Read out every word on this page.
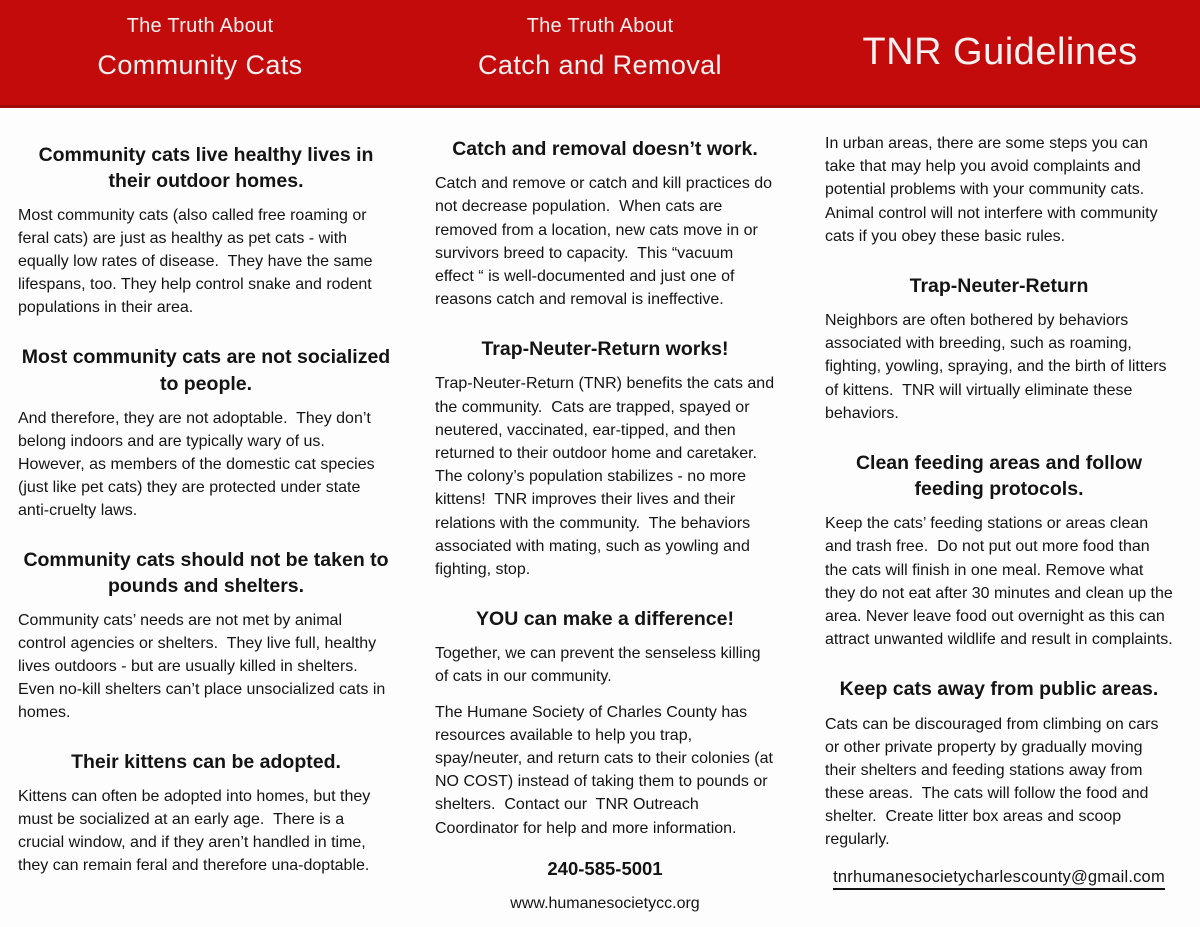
The Truth About
Community Cats
The Truth About
Catch and Removal	TNR Guidelines
Community cats live healthy lives in their outdoor homes.

Most community cats (also called free roaming or feral cats) are just as healthy as pet cats - with equally low rates of disease.  They have the same lifespans, too. They help control snake and rodent populations in their area.

Most community cats are not socialized to people.

And therefore, they are not adoptable.  They don’t belong indoors and are typically wary of us.  However, as members of the domestic cat species (just like pet cats) they are protected under state anti-cruelty laws.

Community cats should not be taken to pounds and shelters.

Community cats’ needs are not met by animal control agencies or shelters.  They live full, healthy lives outdoors - but are usually killed in shelters.  Even no-kill shelters can’t place unsocialized cats in homes.

Their kittens can be adopted.

Kittens can often be adopted into homes, but they must be socialized at an early age.  There is a crucial window, and if they aren’t handled in time, they can remain feral and therefore una-doptable.

Catch and removal doesn’t work.

Catch and remove or catch and kill practices do not decrease population.  When cats are removed from a location, new cats move in or survivors breed to capacity.  This “vacuum effect “ is well-documented and just one of reasons catch and removal is ineffective.

Trap-Neuter-Return works!

Trap-Neuter-Return (TNR) benefits the cats and the community.  Cats are trapped, spayed or neutered, vaccinated, ear-tipped, and then returned to their outdoor home and caretaker.  The colony’s population stabilizes - no more kittens!  TNR improves their lives and their relations with the community.  The behaviors associated with mating, such as yowling and fighting, stop.

YOU can make a difference!

Together, we can prevent the senseless killing of cats in our community.

The Humane Society of Charles County has resources available to help you trap, spay/neuter, and return cats to their colonies (at NO COST) instead of taking them to pounds or shelters.  Contact our  TNR Outreach Coordinator for help and more information.

240-585-5001
www.humanesocietycc.org

In urban areas, there are some steps you can take that may help you avoid complaints and potential problems with your community cats. Animal control will not interfere with community cats if you obey these basic rules.

Trap-Neuter-Return

Neighbors are often bothered by behaviors associated with breeding, such as roaming, fighting, yowling, spraying, and the birth of litters of kittens.  TNR will virtually eliminate these behaviors.

Clean feeding areas and follow feeding protocols.

Keep the cats’ feeding stations or areas clean and trash free.  Do not put out more food than the cats will finish in one meal. Remove what they do not eat after 30 minutes and clean up the area. Never leave food out overnight as this can attract unwanted wildlife and result in complaints.

Keep cats away from public areas.

Cats can be discouraged from climbing on cars or other private property by gradually moving their shelters and feeding stations away from these areas.  The cats will follow the food and shelter.  Create litter box areas and scoop regularly.

tnrhumanesocietycharlescounty@gmail.com
